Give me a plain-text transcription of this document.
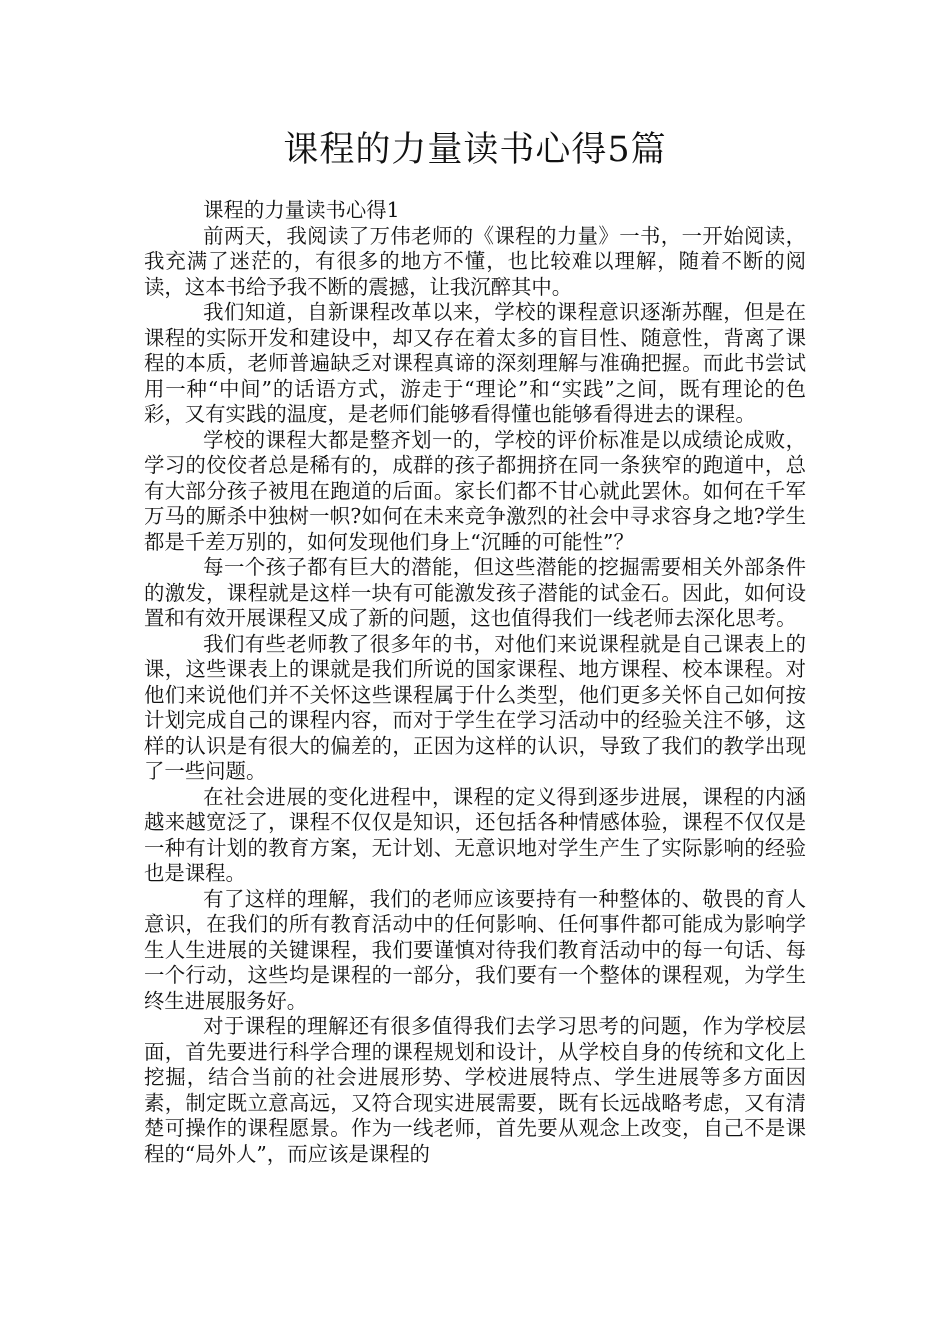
课程的力量读书心得5篇

课程的力量读书心得1

前两天，我阅读了万伟老师的《课程的力量》一书，一开始阅读，我充满了迷茫的，有很多的地方不懂，也比较难以理解，随着不断的阅读，这本书给予我不断的震撼，让我沉醉其中。

我们知道，自新课程改革以来，学校的课程意识逐渐苏醒，但是在课程的实际开发和建设中，却又存在着太多的盲目性、随意性，背离了课程的本质，老师普遍缺乏对课程真谛的深刻理解与准确把握。而此书尝试用一种“中间”的话语方式，游走于“理论”和“实践”之间，既有理论的色彩，又有实践的温度，是老师们能够看得懂也能够看得进去的课程。

学校的课程大都是整齐划一的，学校的评价标准是以成绩论成败，学习的佼佼者总是稀有的，成群的孩子都拥挤在同一条狭窄的跑道中，总有大部分孩子被甩在跑道的后面。家长们都不甘心就此罢休。如何在千军万马的厮杀中独树一帜?如何在未来竞争激烈的社会中寻求容身之地?学生都是千差万别的，如何发现他们身上“沉睡的可能性”？

每一个孩子都有巨大的潜能，但这些潜能的挖掘需要相关外部条件的激发，课程就是这样一块有可能激发孩子潜能的试金石。因此，如何设置和有效开展课程又成了新的问题，这也值得我们一线老师去深化思考。

我们有些老师教了很多年的书，对他们来说课程就是自己课表上的课，这些课表上的课就是我们所说的国家课程、地方课程、校本课程。对他们来说他们并不关怀这些课程属于什么类型，他们更多关怀自己如何按计划完成自己的课程内容，而对于学生在学习活动中的经验关注不够，这样的认识是有很大的偏差的，正因为这样的认识，导致了我们的教学出现了一些问题。

在社会进展的变化进程中，课程的定义得到逐步进展，课程的内涵越来越宽泛了，课程不仅仅是知识，还包括各种情感体验，课程不仅仅是一种有计划的教育方案，无计划、无意识地对学生产生了实际影响的经验也是课程。

有了这样的理解，我们的老师应该要持有一种整体的、敬畏的育人意识，在我们的所有教育活动中的任何影响、任何事件都可能成为影响学生人生进展的关键课程，我们要谨慎对待我们教育活动中的每一句话、每一个行动，这些均是课程的一部分，我们要有一个整体的课程观，为学生终生进展服务好。

对于课程的理解还有很多值得我们去学习思考的问题，作为学校层面，首先要进行科学合理的课程规划和设计，从学校自身的传统和文化上挖掘，结合当前的社会进展形势、学校进展特点、学生进展等多方面因素，制定既立意高远，又符合现实进展需要，既有长远战略考虑，又有清楚可操作的课程愿景。作为一线老师，首先要从观念上改变，自己不是课程的“局外人”，而应该是课程的
